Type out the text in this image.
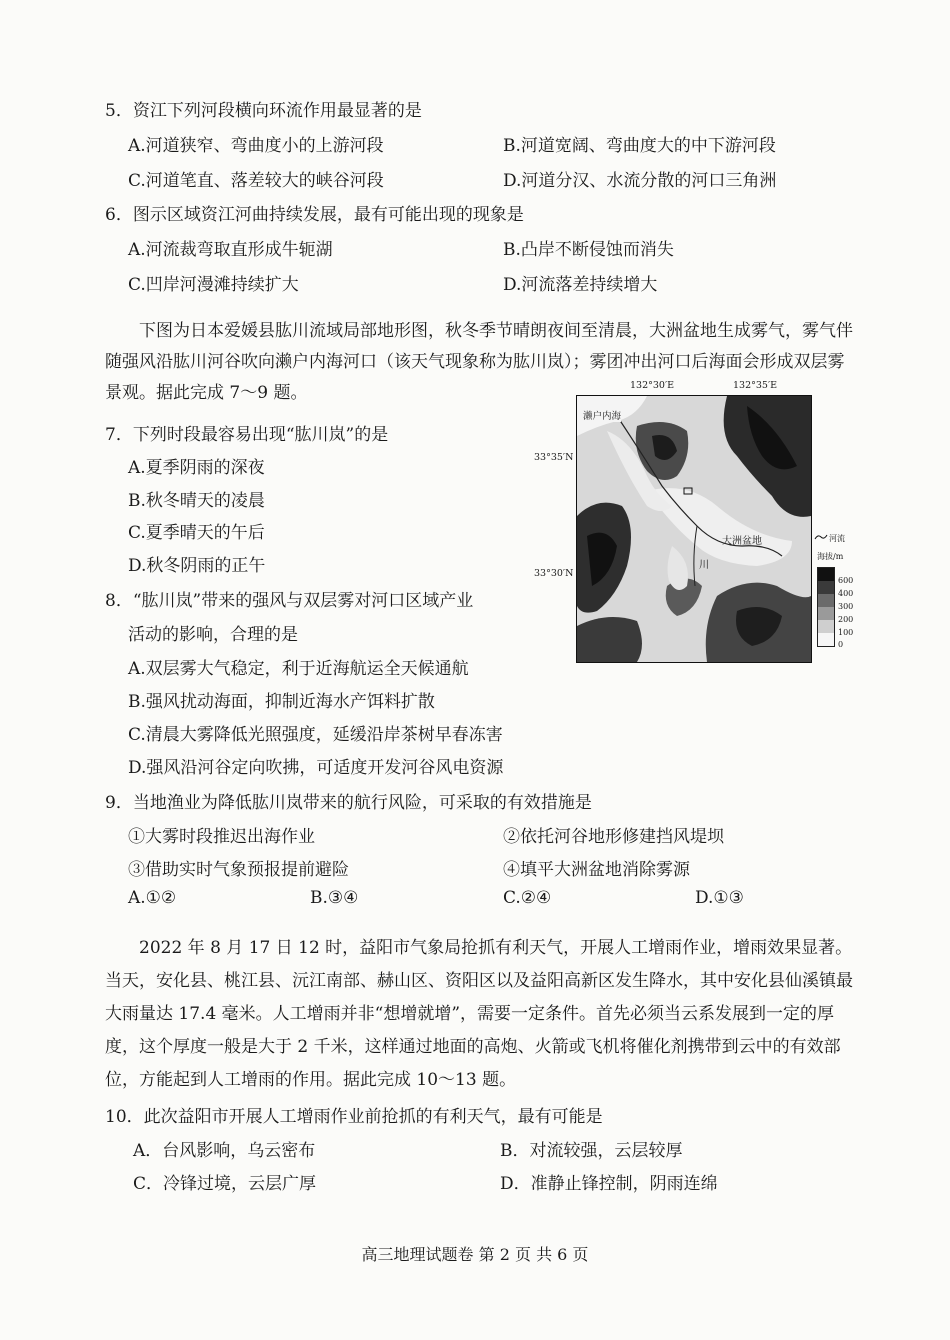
5．资江下列河段横向环流作用最显著的是
A.河道狭窄、弯曲度小的上游河段	B.河道宽阔、弯曲度大的中下游河段
C.河道笔直、落差较大的峡谷河段	D.河道分汉、水流分散的河口三角洲
6．图示区域资江河曲持续发展，最有可能出现的现象是
A.河流裁弯取直形成牛轭湖	B.凸岸不断侵蚀而消失
C.凹岸河漫滩持续扩大	D.河流落差持续增大
下图为日本爱媛县肱川流域局部地形图，秋冬季节晴朗夜间至清晨，大洲盆地生成雾气，雾气伴随强风沿肱川河谷吹向濑户内海河口（该天气现象称为肱川岚）；雾团冲出河口后海面会形成双层雾景观。据此完成 7～9 题。	132°30′E	132°35′E
33°35′N
33°30′N
濑户内海
大洲盆地
川
河流
海拔/m
600
400
300
200
100
0
7．下列时段最容易出现“肱川岚”的是
A.夏季阴雨的深夜
B.秋冬晴天的凌晨
C.夏季晴天的午后
D.秋冬阴雨的正午
8．“肱川岚”带来的强风与双层雾对河口区域产业
活动的影响，合理的是
A.双层雾大气稳定，利于近海航运全天候通航
B.强风扰动海面，抑制近海水产饵料扩散
C.清晨大雾降低光照强度，延缓沿岸茶树早春冻害
D.强风沿河谷定向吹拂，可适度开发河谷风电资源
9．当地渔业为降低肱川岚带来的航行风险，可采取的有效措施是
①大雾时段推迟出海作业	②依托河谷地形修建挡风堤坝
③借助实时气象预报提前避险	④填平大洲盆地消除雾源
A.①②	B.③④	C.②④	D.①③
2022 年 8 月 17 日 12 时，益阳市气象局抢抓有利天气，开展人工增雨作业，增雨效果显著。当天，安化县、桃江县、沅江南部、赫山区、资阳区以及益阳高新区发生降水，其中安化县仙溪镇最大雨量达 17.4 毫米。人工增雨并非“想增就增”，需要一定条件。首先必须当云系发展到一定的厚度，这个厚度一般是大于 2 千米，这样通过地面的高炮、火箭或飞机将催化剂携带到云中的有效部位，方能起到人工增雨的作用。据此完成 10～13 题。
10．此次益阳市开展人工增雨作业前抢抓的有利天气，最有可能是
A．台风影响，乌云密布	B．对流较强，云层较厚
C．冷锋过境，云层广厚	D．准静止锋控制，阴雨连绵
高三地理试题卷 第 2 页 共 6 页
